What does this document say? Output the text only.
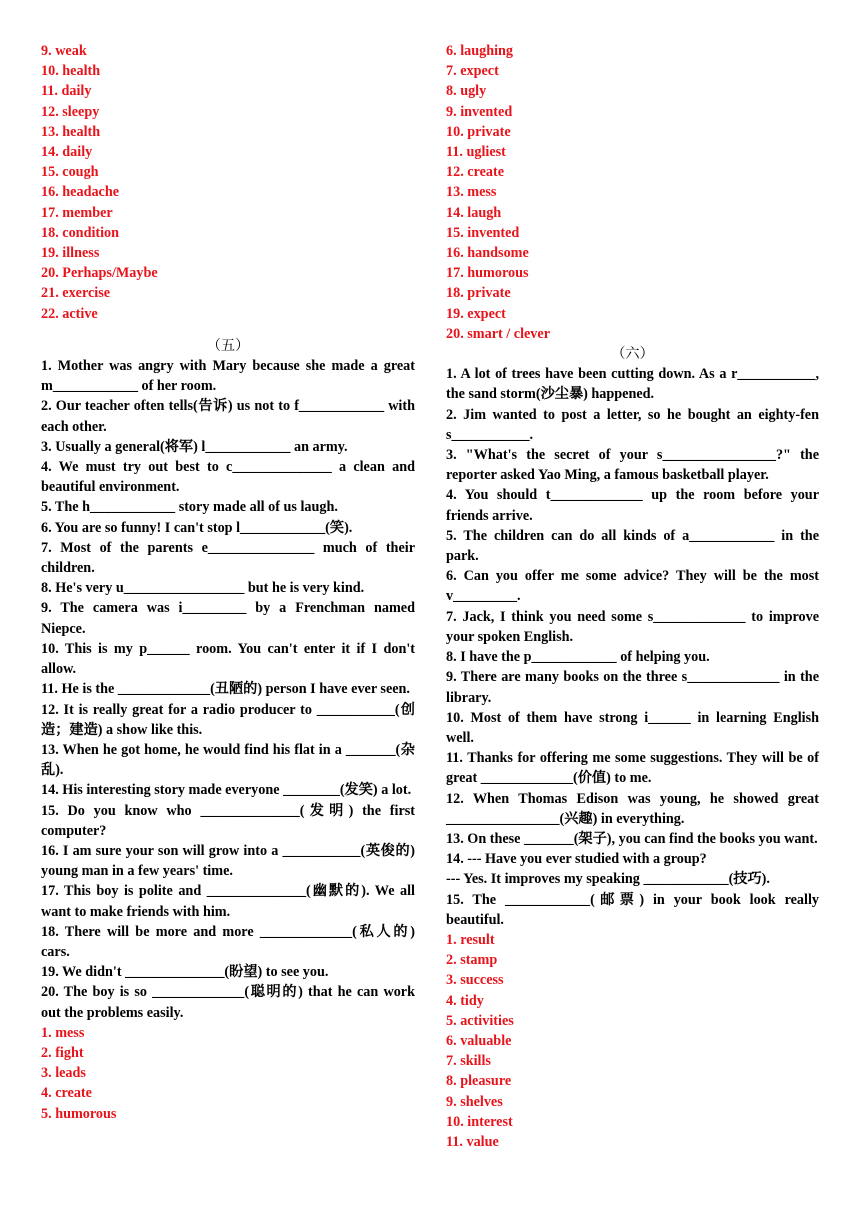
9. weak
10. health
11. daily
12. sleepy
13. health
14. daily
15. cough
16. headache
17. member
18. condition
19. illness
20. Perhaps/Maybe
21. exercise
22. active
（五）
1. Mother was angry with Mary because she made a great m____________ of her room.
2. Our teacher often tells(告诉) us not to f____________ with each other.
3. Usually a general(将军) l____________ an army.
4. We must try out best to c______________ a clean and beautiful environment.
5. The h____________ story made all of us laugh.
6. You are so funny! I can't stop l____________(笑).
7. Most of the parents e_______________ much of their children.
8. He's very u_________________ but he is very kind.
9. The camera was i_________ by a Frenchman named Niepce.
10. This is my p______ room. You can't enter it if I don't allow.
11. He is the _____________(丑陋的) person I have ever seen.
12. It is really great for a radio producer to ___________(创造；建造) a show like this.
13. When he got home, he would find his flat in a _______(杂乱).
14. His interesting story made everyone ________(发笑) a lot.
15. Do you know who ______________(发明) the first computer?
16. I am sure your son will grow into a ___________(英俊的) young man in a few years' time.
17. This boy is polite and ______________(幽默的). We all want to make friends with him.
18. There will be more and more _____________(私人的) cars.
19. We didn't ______________(盼望) to see you.
20. The boy is so _____________(聪明的) that he can work out the problems easily.
1. mess
2. fight
3. leads
4. create
5. humorous
6. laughing
7. expect
8. ugly
9. invented
10. private
11. ugliest
12. create
13. mess
14. laugh
15. invented
16. handsome
17. humorous
18. private
19. expect
20. smart / clever
（六）
1. A lot of trees have been cutting down. As a r___________, the sand storm(沙尘暴) happened.
2. Jim wanted to post a letter, so he bought an eighty-fen s___________.
3. "What's the secret of your s________________?" the reporter asked Yao Ming, a famous basketball player.
4. You should t_____________ up the room before your friends arrive.
5. The children can do all kinds of a____________ in the park.
6. Can you offer me some advice? They will be the most v_________.
7. Jack, I think you need some s_____________ to improve your spoken English.
8. I have the p____________ of helping you.
9. There are many books on the three s_____________ in the library.
10. Most of them have strong i______ in learning English well.
11. Thanks for offering me some suggestions. They will be of great _____________(价值) to me.
12. When Thomas Edison was young, he showed great ________________(兴趣) in everything.
13. On these _______(架子), you can find the books you want.
14. --- Have you ever studied with a group?
--- Yes. It improves my speaking ____________(技巧).
15. The ____________(邮票) in your book look really beautiful.
1. result
2. stamp
3. success
4. tidy
5. activities
6. valuable
7. skills
8. pleasure
9. shelves
10. interest
11. value
